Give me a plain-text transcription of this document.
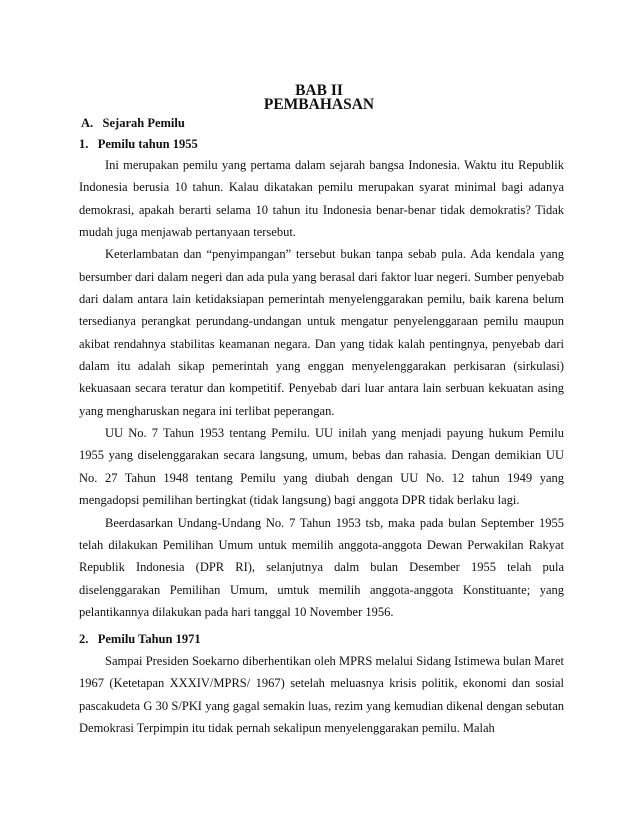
BAB II
PEMBAHASAN
A.   Sejarah Pemilu
1.   Pemilu tahun 1955

Ini merupakan pemilu yang pertama dalam sejarah bangsa Indonesia. Waktu itu Republik Indonesia berusia 10 tahun. Kalau dikatakan pemilu merupakan syarat minimal bagi adanya demokrasi, apakah berarti selama 10 tahun itu Indonesia benar-benar tidak demokratis? Tidak mudah juga menjawab pertanyaan tersebut.

Keterlambatan dan “penyimpangan” tersebut bukan tanpa sebab pula. Ada kendala yang bersumber dari dalam negeri dan ada pula yang berasal dari faktor luar negeri. Sumber penyebab dari dalam antara lain ketidaksiapan pemerintah menyelenggarakan pemilu, baik karena belum tersedianya perangkat perundang-undangan untuk mengatur penyelenggaraan pemilu maupun akibat rendahnya stabilitas keamanan negara. Dan yang tidak kalah pentingnya, penyebab dari dalam itu adalah sikap pemerintah yang enggan menyelenggarakan perkisaran (sirkulasi) kekuasaan secara teratur dan kompetitif. Penyebab dari luar antara lain serbuan kekuatan asing yang mengharuskan negara ini terlibat peperangan.

UU No. 7 Tahun 1953 tentang Pemilu. UU inilah yang menjadi payung hukum Pemilu 1955 yang diselenggarakan secara langsung, umum, bebas dan rahasia. Dengan demikian UU No. 27 Tahun 1948 tentang Pemilu yang diubah dengan UU No. 12 tahun 1949 yang mengadopsi pemilihan bertingkat (tidak langsung) bagi anggota DPR tidak berlaku lagi.

Beerdasarkan Undang-Undang No. 7 Tahun 1953 tsb, maka pada bulan September 1955 telah dilakukan Pemilihan Umum untuk memilih anggota-anggota Dewan Perwakilan Rakyat Republik Indonesia (DPR RI), selanjutnya dalm bulan Desember 1955 telah pula diselenggarakan Pemilihan Umum, umtuk memilih anggota-anggota Konstituante; yang pelantikannya dilakukan pada hari tanggal 10 November 1956.

2.   Pemilu Tahun 1971

Sampai Presiden Soekarno diberhentikan oleh MPRS melalui Sidang Istimewa bulan Maret 1967 (Ketetapan XXXIV/MPRS/ 1967) setelah meluasnya krisis politik, ekonomi dan sosial pascakudeta G 30 S/PKI yang gagal semakin luas, rezim yang kemudian dikenal dengan sebutan Demokrasi Terpimpin itu tidak pernah sekalipun menyelenggarakan pemilu. Malah
